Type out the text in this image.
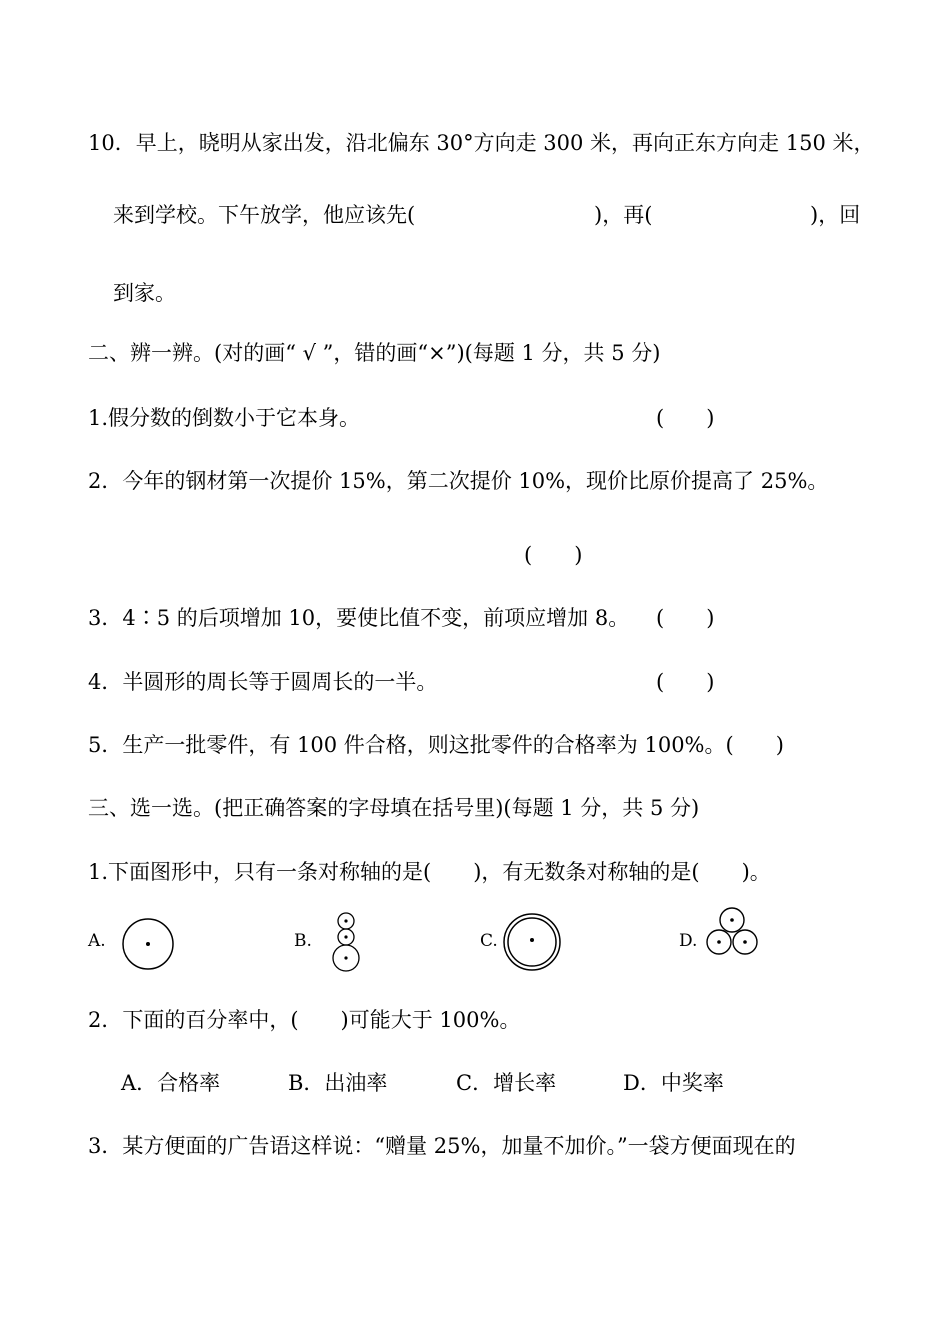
10．早上，晓明从家出发，沿北偏东 30°方向走 300 米，再向正东方向走 150 米，
来到学校。下午放学，他应该先(	)，再(	)，回
到家。
二、辨一辨。(对的画“ √ ”，错的画“×”)(每题 1 分，共 5 分)
1.假分数的倒数小于它本身。	(　　)
2．今年的钢材第一次提价 15%，第二次提价 10%，现价比原价提高了 25%。
(　　)
3．4∶5 的后项增加 10，要使比值不变，前项应增加 8。 (　　)
4．半圆形的周长等于圆周长的一半。	(　　)
5．生产一批零件，有 100 件合格，则这批零件的合格率为 100%。(　　)
三、选一选。(把正确答案的字母填在括号里)(每题 1 分，共 5 分)
1.下面图形中，只有一条对称轴的是(　　)，有无数条对称轴的是(　　)。
A.	B.	C.	D.
2．下面的百分率中，(　　)可能大于 100%。
A．合格率	B．出油率	C．增长率	D．中奖率
3．某方便面的广告语这样说：“赠量 25%，加量不加价。”一袋方便面现在的
